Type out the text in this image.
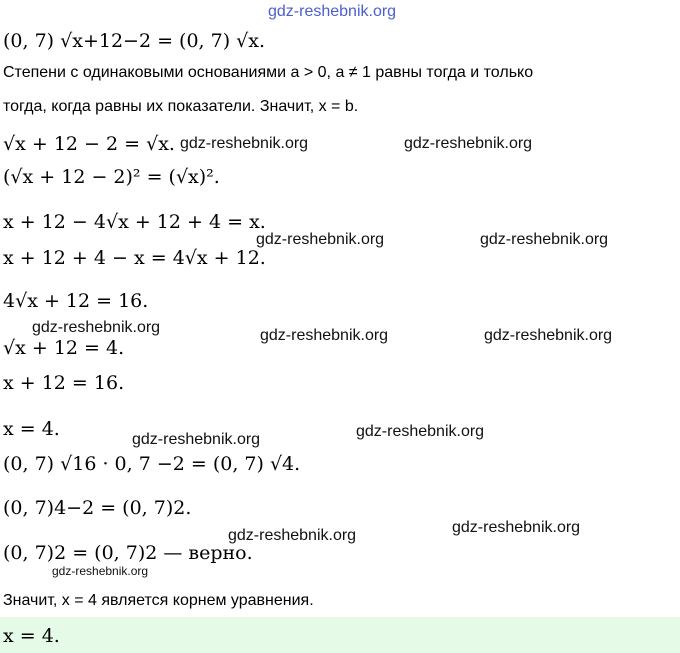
gdz-reshebnik.org
gdz-reshebnik.org	gdz-reshebnik.org
gdz-reshebnik.org	gdz-reshebnik.org
gdz-reshebnik.org	gdz-reshebnik.org	gdz-reshebnik.org
gdz-reshebnik.org	gdz-reshebnik.org
gdz-reshebnik.org	gdz-reshebnik.org
gdz-reshebnik.org
(0, 7) √x+12−2 = (0, 7) √x.
Степени с одинаковыми основаниями a > 0, a ≠ 1 равны тогда и только
тогда, когда равны их показатели. Значит, x = b.
√x + 12 − 2 = √x.
(√x + 12 − 2)² = (√x)².
x + 12 − 4√x + 12 + 4 = x.
x + 12 + 4 − x = 4√x + 12.
4√x + 12 = 16.
√x + 12 = 4.
x + 12 = 16.
x = 4.
(0, 7) √16 · 0, 7 −2 = (0, 7) √4.
(0, 7)4−2 = (0, 7)2.
(0, 7)2 = (0, 7)2 — верно.
Значит, x = 4 является корнем уравнения.
x = 4.
